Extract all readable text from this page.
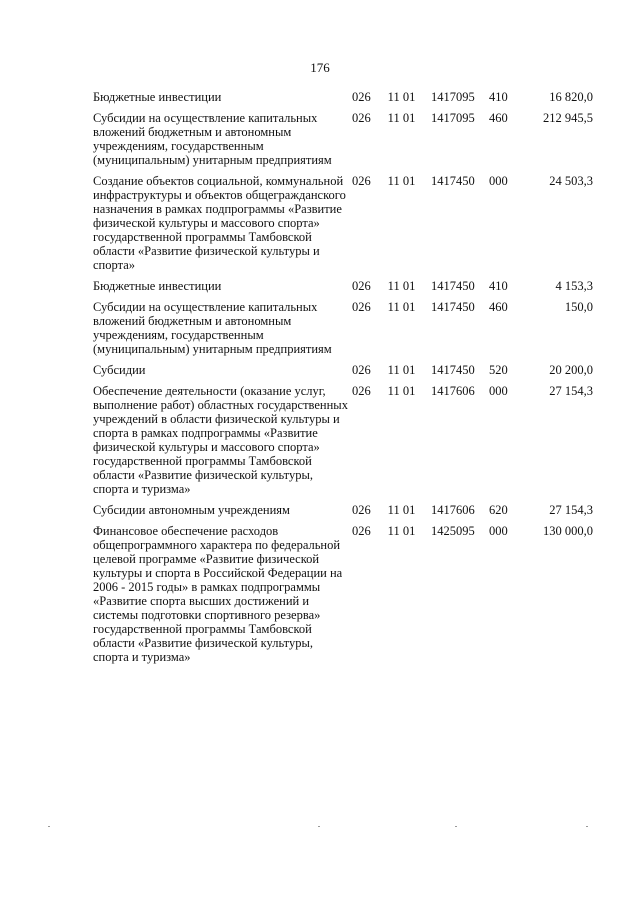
176
Бюджетные инвестиции	026	11 01	1417095	410	16 820,0
Субсидии на осуществление капитальных вложений бюджетным и автономным учреждениям, государственным (муниципальным) унитарным предприятиям	026	11 01	1417095	460	212 945,5
Создание объектов социальной, коммунальной инфраструктуры и объектов общегражданского назначения в рамках подпрограммы «Развитие физической культуры и массового спорта» государственной программы Тамбовской области «Развитие физической культуры и спорта»	026	11 01	1417450	000	24 503,3
Бюджетные инвестиции	026	11 01	1417450	410	4 153,3
Субсидии на осуществление капитальных вложений бюджетным и автономным учреждениям, государственным (муниципальным) унитарным предприятиям	026	11 01	1417450	460	150,0
Субсидии	026	11 01	1417450	520	20 200,0
Обеспечение деятельности (оказание услуг, выполнение работ) областных государственных учреждений в области физической культуры и спорта в рамках подпрограммы «Развитие физической культуры и массового спорта» государственной программы Тамбовской области «Развитие физической культуры, спорта и туризма»	026	11 01	1417606	000	27 154,3
Субсидии автономным учреждениям	026	11 01	1417606	620	27 154,3
Финансовое обеспечение расходов общепрограммного характера по федеральной целевой программе «Развитие физической культуры и спорта в Российской Федерации на 2006 - 2015 годы» в рамках подпрограммы «Развитие спорта высших достижений и системы подготовки спортивного резерва» государственной программы Тамбовской области «Развитие физической культуры, спорта и туризма»	026	11 01	1425095	000	130 000,0
